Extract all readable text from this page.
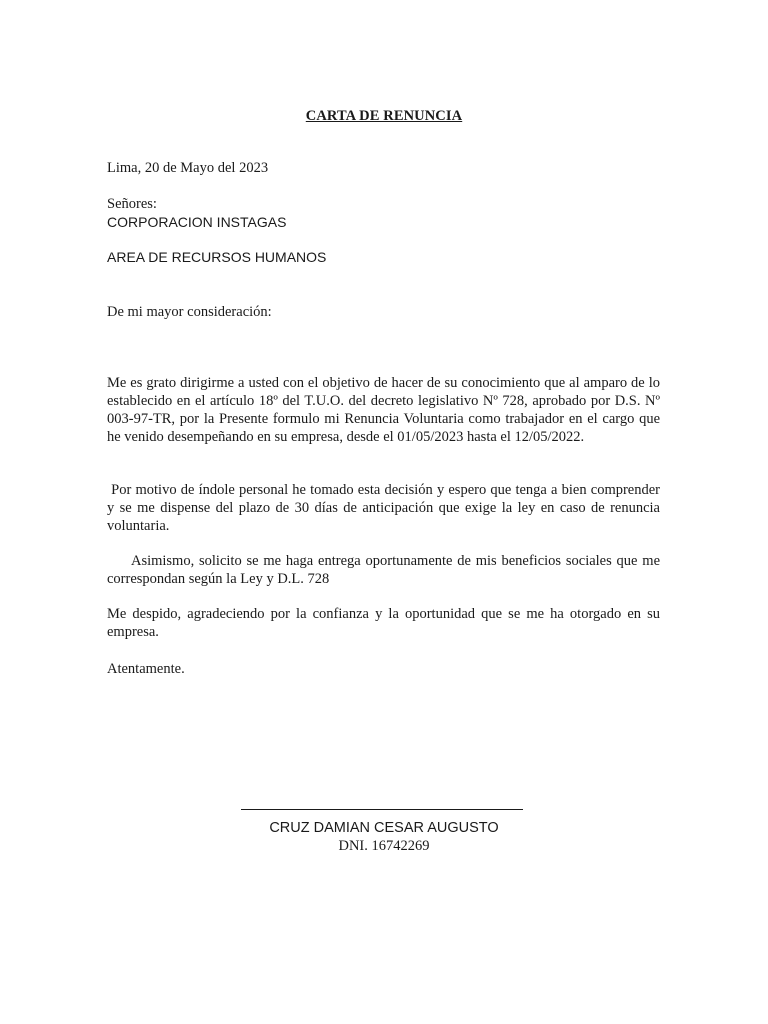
CARTA DE RENUNCIA
Lima, 20 de Mayo del 2023
Señores:
CORPORACION INSTAGAS
AREA DE RECURSOS HUMANOS
De mi mayor consideración:

Me es grato dirigirme a usted con el objetivo de hacer de su conocimiento que al amparo de lo establecido en el artículo 18º del T.U.O. del decreto legislativo Nº 728, aprobado por D.S. Nº 003-97-TR, por la Presente formulo mi Renuncia Voluntaria como trabajador en el cargo que he venido desempeñando en su empresa, desde el 01/05/2023 hasta el 12/05/2022.

Por motivo de índole personal he tomado esta decisión y espero que tenga a bien comprender y se me dispense del plazo de 30 días de anticipación que exige la ley en caso de renuncia voluntaria.

Asimismo, solicito se me haga entrega oportunamente de mis beneficios sociales que me correspondan según la Ley y D.L. 728

Me despido, agradeciendo por la confianza y la oportunidad que se me ha otorgado en su empresa.

Atentamente.
CRUZ DAMIAN CESAR AUGUSTO
DNI. 16742269
